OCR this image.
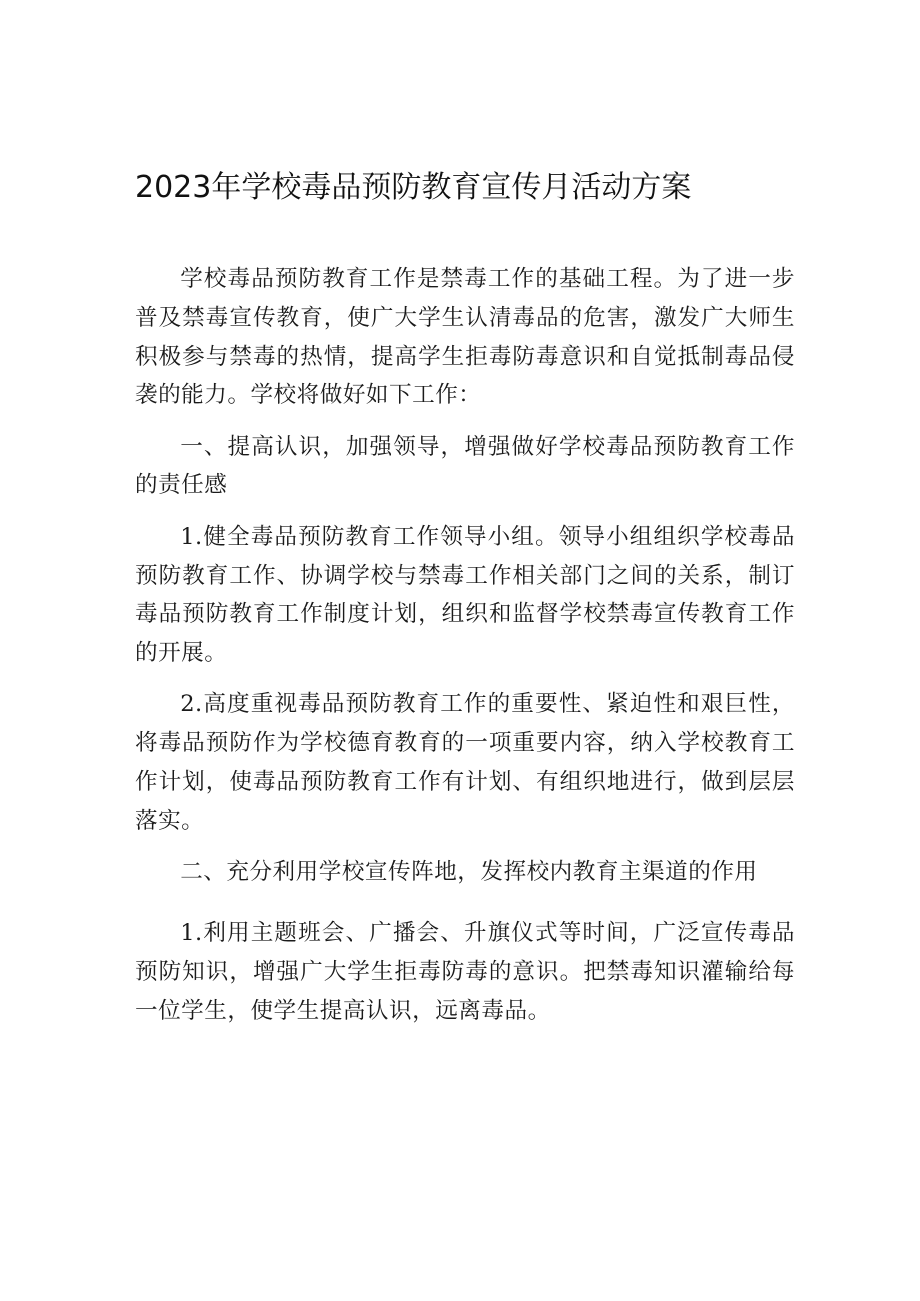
2023年学校毒品预防教育宣传月活动方案

学校毒品预防教育工作是禁毒工作的基础工程。为了进一步普及禁毒宣传教育，使广大学生认清毒品的危害，激发广大师生积极参与禁毒的热情，提高学生拒毒防毒意识和自觉抵制毒品侵袭的能力。学校将做好如下工作：

一、提高认识，加强领导，增强做好学校毒品预防教育工作的责任感

1.健全毒品预防教育工作领导小组。领导小组组织学校毒品预防教育工作、协调学校与禁毒工作相关部门之间的关系，制订毒品预防教育工作制度计划，组织和监督学校禁毒宣传教育工作的开展。

2.高度重视毒品预防教育工作的重要性、紧迫性和艰巨性，将毒品预防作为学校德育教育的一项重要内容，纳入学校教育工作计划，使毒品预防教育工作有计划、有组织地进行，做到层层落实。

二、充分利用学校宣传阵地，发挥校内教育主渠道的作用

1.利用主题班会、广播会、升旗仪式等时间，广泛宣传毒品预防知识，增强广大学生拒毒防毒的意识。把禁毒知识灌输给每一位学生，使学生提高认识，远离毒品。
